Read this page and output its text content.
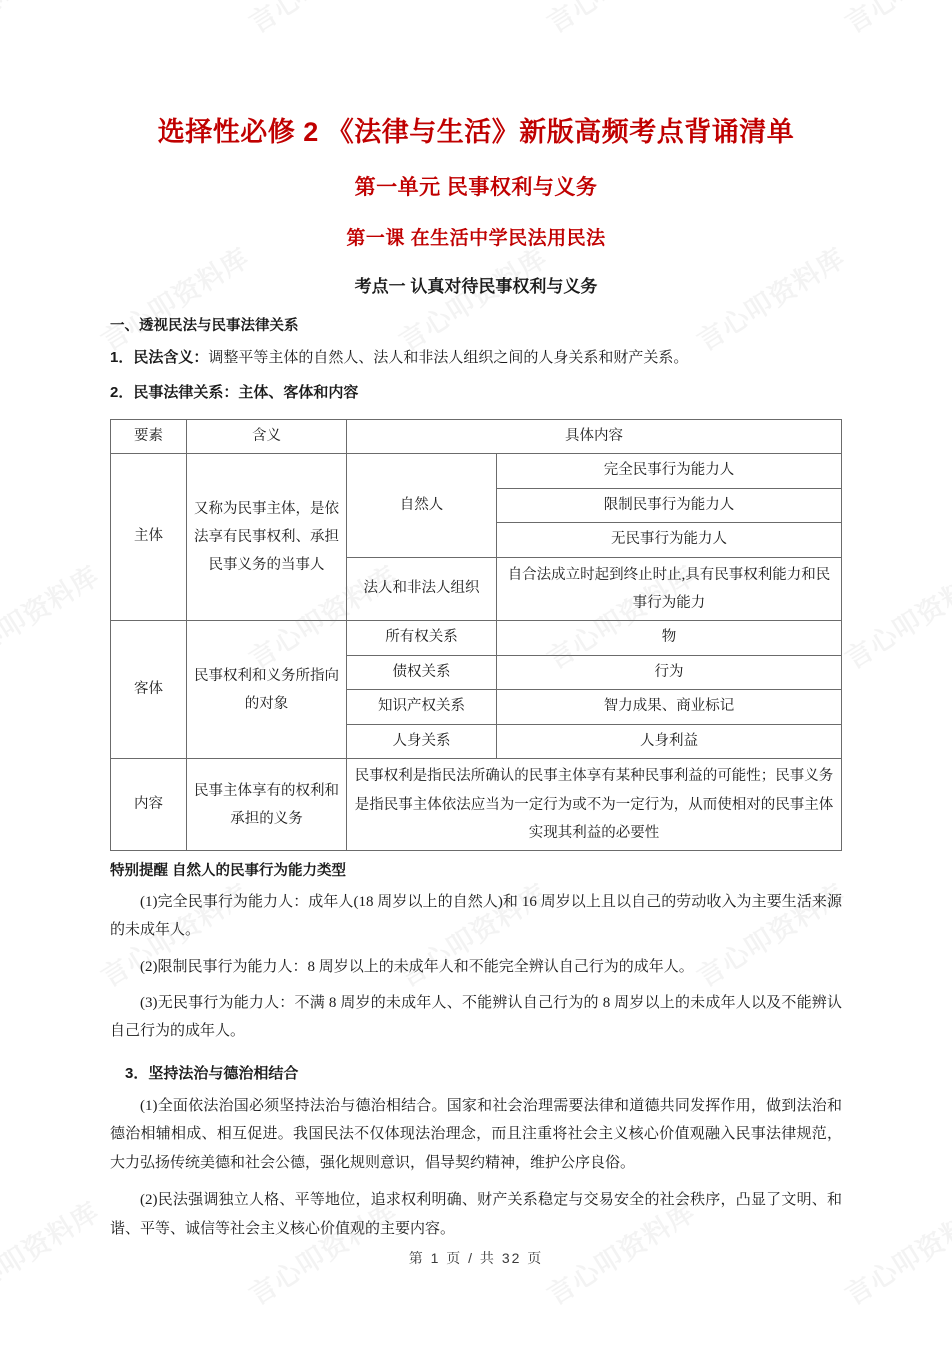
选择性必修 2 《法律与生活》新版高频考点背诵清单
第一单元 民事权利与义务
第一课 在生活中学民法用民法
考点一 认真对待民事权利与义务

一、透视民法与民事法律关系

1．民法含义：调整平等主体的自然人、法人和非法人组织之间的人身关系和财产关系。

2．民事法律关系：主体、客体和内容

要素	含义	具体内容	
主体	又称为民事主体，是依法享有民事权利、承担民事义务的当事人	自然人	完全民事行为能力人
			限制民事行为能力人
			无民事行为能力人
		法人和非法人组织	自合法成立时起到终止时止,具有民事权利能力和民事行为能力
客体	民事权利和义务所指向的对象	所有权关系	物
		债权关系	行为
		知识产权关系	智力成果、商业标记
		人身关系	人身利益
内容	民事主体享有的权利和承担的义务	民事权利是指民法所确认的民事主体享有某种民事利益的可能性；民事义务是指民事主体依法应当为一定行为或不为一定行为，从而使相对的民事主体实现其利益的必要性	

特别提醒 自然人的民事行为能力类型

(1)完全民事行为能力人：成年人(18 周岁以上的自然人)和 16 周岁以上且以自己的劳动收入为主要生活来源的未成年人。

(2)限制民事行为能力人：8 周岁以上的未成年人和不能完全辨认自己行为的成年人。

(3)无民事行为能力人：不满 8 周岁的未成年人、不能辨认自己行为的 8 周岁以上的未成年人以及不能辨认自己行为的成年人。

3．坚持法治与德治相结合

(1)全面依法治国必须坚持法治与德治相结合。国家和社会治理需要法律和道德共同发挥作用，做到法治和德治相辅相成、相互促进。我国民法不仅体现法治理念，而且注重将社会主义核心价值观融入民事法律规范，大力弘扬传统美德和社会公德，强化规则意识，倡导契约精神，维护公序良俗。

(2)民法强调独立人格、平等地位，追求权利明确、财产关系稳定与交易安全的社会秩序，凸显了文明、和谐、平等、诚信等社会主义核心价值观的主要内容。

第 1 页 / 共 32 页
